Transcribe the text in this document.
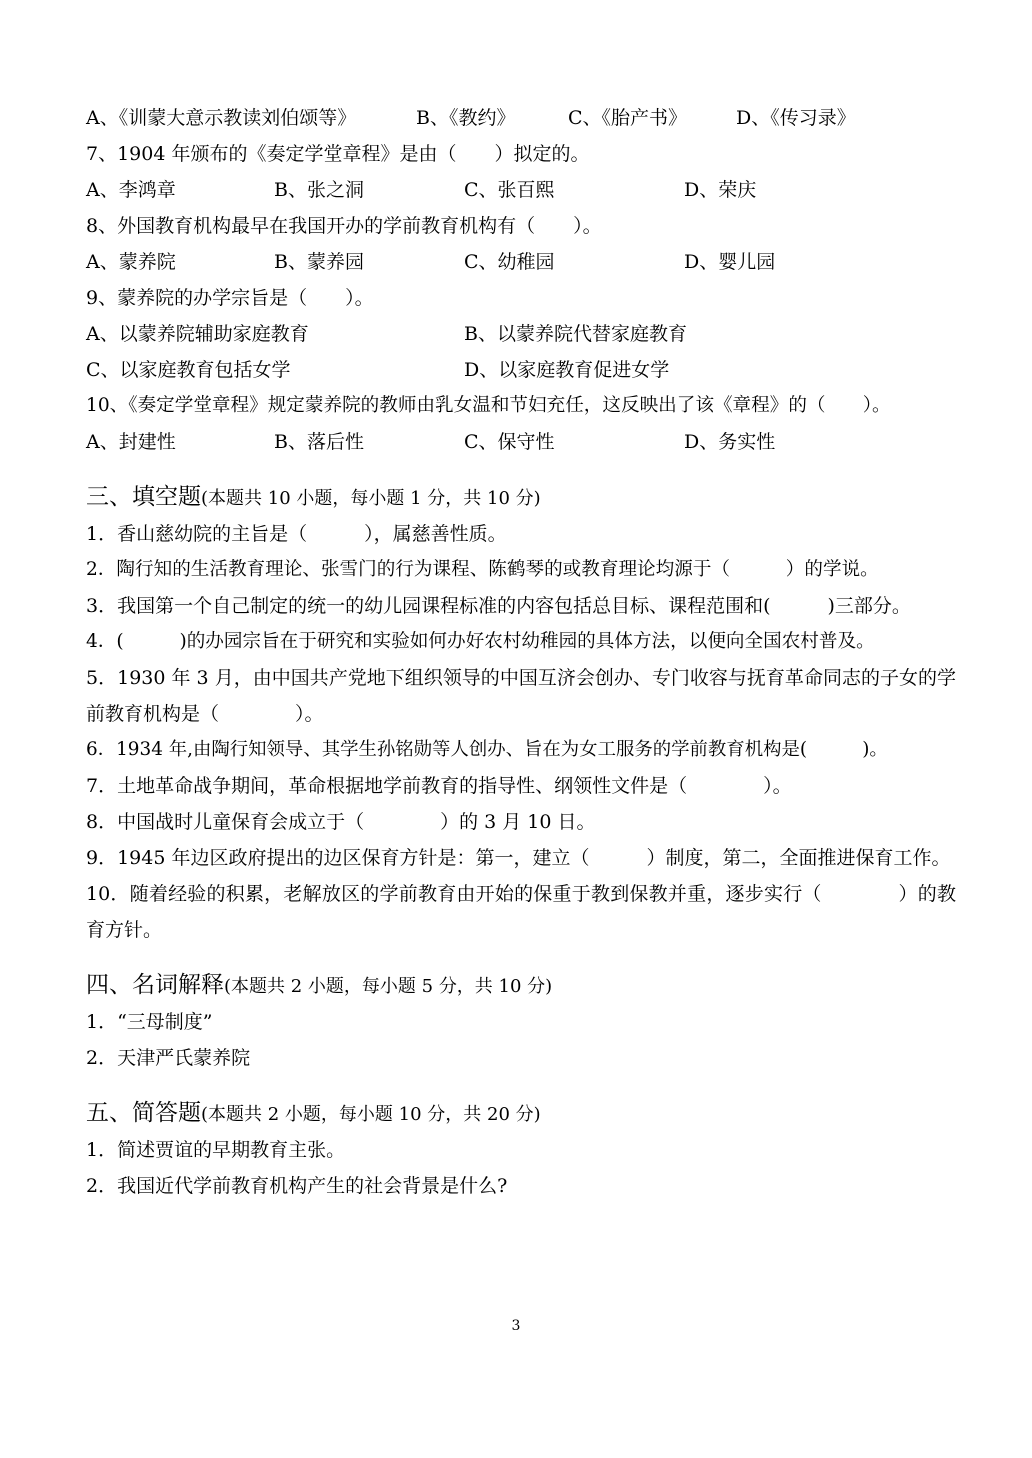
A、《训蒙大意示教读刘伯颂等》	B、《教约》	C、《胎产书》	D、《传习录》
7、1904 年颁布的《奏定学堂章程》是由（　　）拟定的。
A、李鸿章	B、张之洞	C、张百熙	D、荣庆
8、外国教育机构最早在我国开办的学前教育机构有（　　）。
A、蒙养院	B、蒙养园	C、幼稚园	D、婴儿园
9、蒙养院的办学宗旨是（　　）。
A、以蒙养院辅助家庭教育	B、以蒙养院代替家庭教育
C、以家庭教育包括女学	D、以家庭教育促进女学
10、《奏定学堂章程》规定蒙养院的教师由乳女温和节妇充任，这反映出了该《章程》的（　　）。
A、封建性	B、落后性	C、保守性	D、务实性
三、填空题(本题共 10 小题，每小题 1 分，共 10 分)
1．香山慈幼院的主旨是（　　　），属慈善性质。
2．陶行知的生活教育理论、张雪门的行为课程、陈鹤琴的或教育理论均源于（　　　）的学说。
3．我国第一个自己制定的统一的幼儿园课程标准的内容包括总目标、课程范围和(　　　)三部分。
4．(　　　)的办园宗旨在于研究和实验如何办好农村幼稚园的具体方法，以便向全国农村普及。
5．1930 年 3 月，由中国共产党地下组织领导的中国互济会创办、专门收容与抚育革命同志的子女的学前教育机构是（　　　　）。
6．1934 年,由陶行知领导、其学生孙铭勋等人创办、旨在为女工服务的学前教育机构是(　　　)。
7．土地革命战争期间，革命根据地学前教育的指导性、纲领性文件是（　　　　）。
8．中国战时儿童保育会成立于（　　　　）的 3 月 10 日。
9．1945 年边区政府提出的边区保育方针是：第一，建立（　　　）制度，第二，全面推进保育工作。
10．随着经验的积累，老解放区的学前教育由开始的保重于教到保教并重，逐步实行（　　　　）的教育方针。
四、名词解释(本题共 2 小题，每小题 5 分，共 10 分)
1．“三母制度”
2．天津严氏蒙养院
五、简答题(本题共 2 小题，每小题 10 分，共 20 分)
1．简述贾谊的早期教育主张。
2．我国近代学前教育机构产生的社会背景是什么?
3
